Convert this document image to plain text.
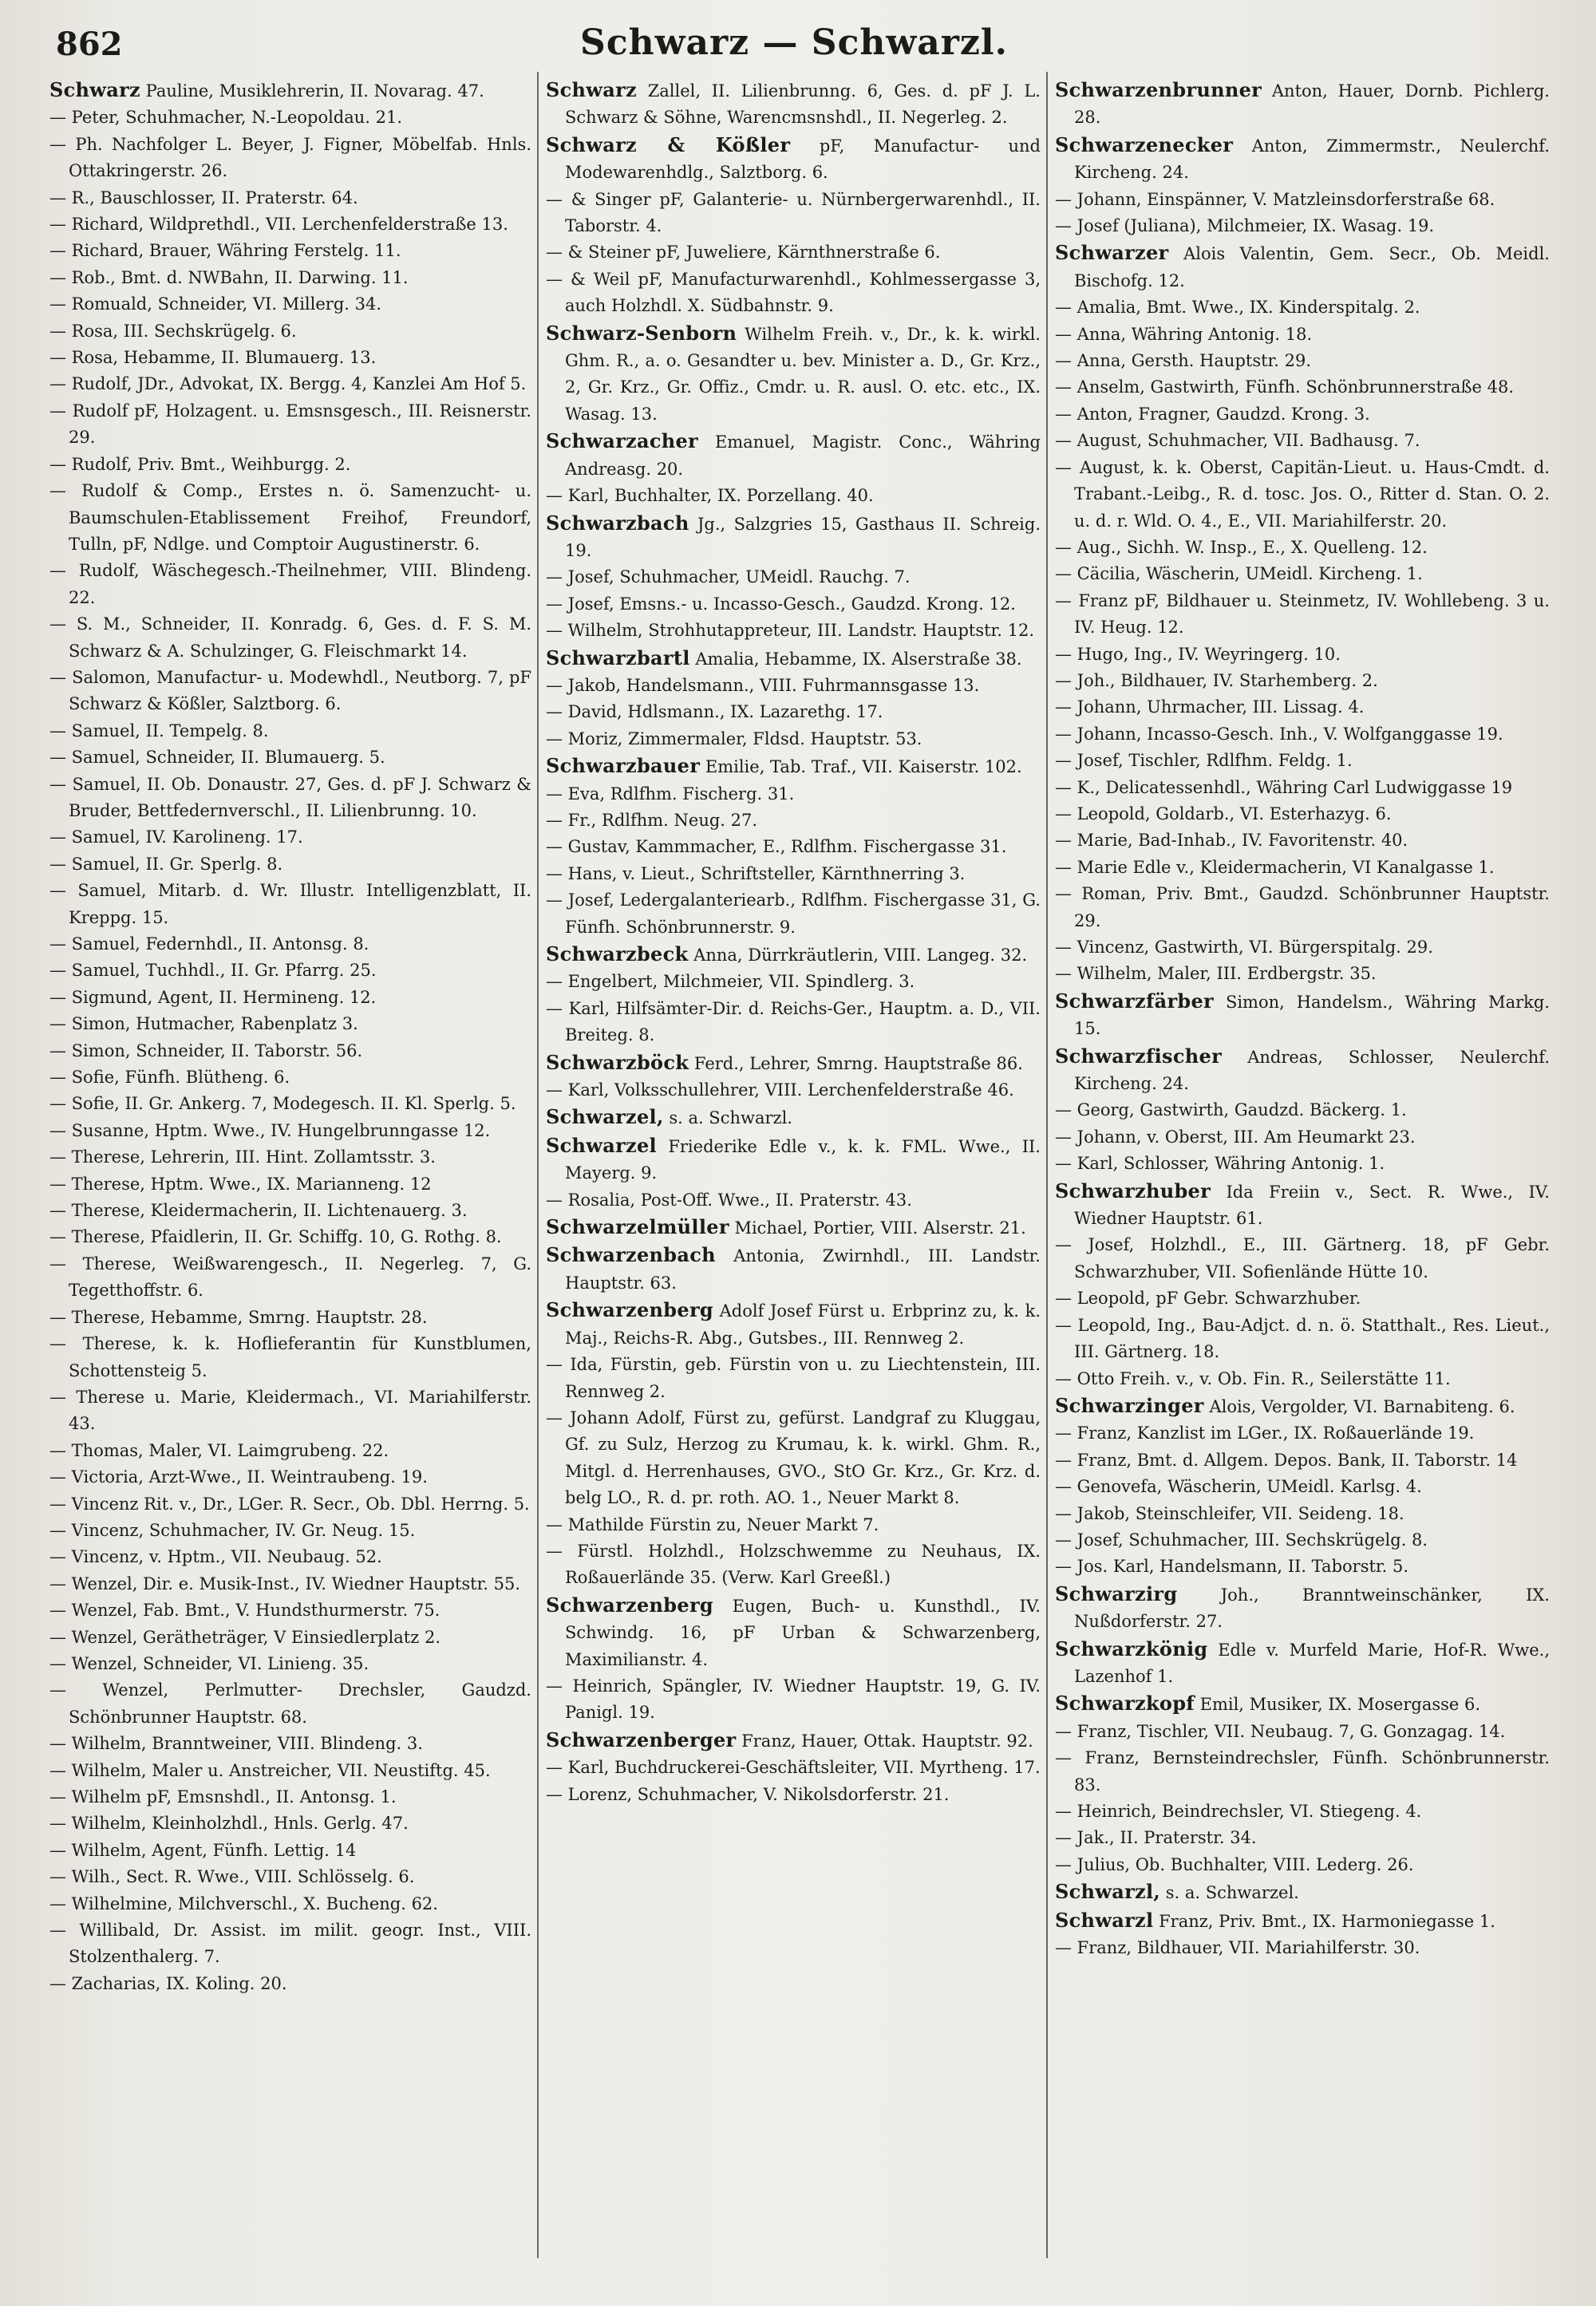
862	Schwarz — Schwarzl.

Schwarz Pauline, Musiklehrerin, II. Novarag. 47.

— Peter, Schuhmacher, N.-Leopoldau. 21.

— Ph. Nachfolger L. Beyer, J. Figner, Möbelfab. Hnls. Ottakringerstr. 26.

— R., Bauschlosser, II. Praterstr. 64.

— Richard, Wildprethdl., VII. Lerchenfelderstraße 13.

— Richard, Brauer, Währing Ferstelg. 11.

— Rob., Bmt. d. NWBahn, II. Darwing. 11.

— Romuald, Schneider, VI. Millerg. 34.

— Rosa, III. Sechskrügelg. 6.

— Rosa, Hebamme, II. Blumauerg. 13.

— Rudolf, JDr., Advokat, IX. Bergg. 4, Kanzlei Am Hof 5.

— Rudolf pF, Holzagent. u. Emsnsgesch., III. Reisnerstr. 29.

— Rudolf, Priv. Bmt., Weihburgg. 2.

— Rudolf & Comp., Erstes n. ö. Samenzucht- u. Baumschulen-Etablissement Freihof, Freundorf, Tulln, pF, Ndlge. und Comptoir Augustinerstr. 6.

— Rudolf, Wäschegesch.-Theilnehmer, VIII. Blindeng. 22.

— S. M., Schneider, II. Konradg. 6, Ges. d. F. S. M. Schwarz & A. Schulzinger, G. Fleischmarkt 14.

— Salomon, Manufactur- u. Modewhdl., Neutborg. 7, pF Schwarz & Kößler, Salztborg. 6.

— Samuel, II. Tempelg. 8.

— Samuel, Schneider, II. Blumauerg. 5.

— Samuel, II. Ob. Donaustr. 27, Ges. d. pF J. Schwarz & Bruder, Bettfedernverschl., II. Lilienbrunng. 10.

— Samuel, IV. Karolineng. 17.

— Samuel, II. Gr. Sperlg. 8.

— Samuel, Mitarb. d. Wr. Illustr. Intelligenzblatt, II. Kreppg. 15.

— Samuel, Federnhdl., II. Antonsg. 8.

— Samuel, Tuchhdl., II. Gr. Pfarrg. 25.

— Sigmund, Agent, II. Hermineng. 12.

— Simon, Hutmacher, Rabenplatz 3.

— Simon, Schneider, II. Taborstr. 56.

— Sofie, Fünfh. Blütheng. 6.

— Sofie, II. Gr. Ankerg. 7, Modegesch. II. Kl. Sperlg. 5.

— Susanne, Hptm. Wwe., IV. Hungelbrunngasse 12.

— Therese, Lehrerin, III. Hint. Zollamtsstr. 3.

— Therese, Hptm. Wwe., IX. Marianneng. 12

— Therese, Kleidermacherin, II. Lichtenauerg. 3.

— Therese, Pfaidlerin, II. Gr. Schiffg. 10, G. Rothg. 8.

— Therese, Weißwarengesch., II. Negerleg. 7, G. Tegetthoffstr. 6.

— Therese, Hebamme, Smrng. Hauptstr. 28.

— Therese, k. k. Hoflieferantin für Kunstblumen, Schottensteig 5.

— Therese u. Marie, Kleidermach., VI. Mariahilferstr. 43.

— Thomas, Maler, VI. Laimgrubeng. 22.

— Victoria, Arzt-Wwe., II. Weintraubeng. 19.

— Vincenz Rit. v., Dr., LGer. R. Secr., Ob. Dbl. Herrng. 5.

— Vincenz, Schuhmacher, IV. Gr. Neug. 15.

— Vincenz, v. Hptm., VII. Neubaug. 52.

— Wenzel, Dir. e. Musik-Inst., IV. Wiedner Hauptstr. 55.

— Wenzel, Fab. Bmt., V. Hundsthurmerstr. 75.

— Wenzel, Gerätheträger, V Einsiedlerplatz 2.

— Wenzel, Schneider, VI. Linieng. 35.

— Wenzel, Perlmutter- Drechsler, Gaudzd. Schönbrunner Hauptstr. 68.

— Wilhelm, Branntweiner, VIII. Blindeng. 3.

— Wilhelm, Maler u. Anstreicher, VII. Neustiftg. 45.

— Wilhelm pF, Emsnshdl., II. Antonsg. 1.

— Wilhelm, Kleinholzhdl., Hnls. Gerlg. 47.

— Wilhelm, Agent, Fünfh. Lettig. 14

— Wilh., Sect. R. Wwe., VIII. Schlösselg. 6.

— Wilhelmine, Milchverschl., X. Bucheng. 62.

— Willibald, Dr. Assist. im milit. geogr. Inst., VIII. Stolzenthalerg. 7.

— Zacharias, IX. Koling. 20.

Schwarz Zallel, II. Lilienbrunng. 6, Ges. d. pF J. L. Schwarz & Söhne, Warencmsnshdl., II. Negerleg. 2.

Schwarz & Kößler pF, Manufactur- und Modewarenhdlg., Salztborg. 6.

— & Singer pF, Galanterie- u. Nürnbergerwarenhdl., II. Taborstr. 4.

— & Steiner pF, Juweliere, Kärnthnerstraße 6.

— & Weil pF, Manufacturwarenhdl., Kohlmessergasse 3, auch Holzhdl. X. Südbahnstr. 9.

Schwarz-Senborn Wilhelm Freih. v., Dr., k. k. wirkl. Ghm. R., a. o. Gesandter u. bev. Minister a. D., Gr. Krz., 2, Gr. Krz., Gr. Offiz., Cmdr. u. R. ausl. O. etc. etc., IX. Wasag. 13.

Schwarzacher Emanuel, Magistr. Conc., Währing Andreasg. 20.

— Karl, Buchhalter, IX. Porzellang. 40.

Schwarzbach Jg., Salzgries 15, Gasthaus II. Schreig. 19.

— Josef, Schuhmacher, UMeidl. Rauchg. 7.

— Josef, Emsns.- u. Incasso-Gesch., Gaudzd. Krong. 12.

— Wilhelm, Strohhutappreteur, III. Landstr. Hauptstr. 12.

Schwarzbartl Amalia, Hebamme, IX. Alserstraße 38.

— Jakob, Handelsmann., VIII. Fuhrmannsgasse 13.

— David, Hdlsmann., IX. Lazarethg. 17.

— Moriz, Zimmermaler, Fldsd. Hauptstr. 53.

Schwarzbauer Emilie, Tab. Traf., VII. Kaiserstr. 102.

— Eva, Rdlfhm. Fischerg. 31.

— Fr., Rdlfhm. Neug. 27.

— Gustav, Kammmacher, E., Rdlfhm. Fischergasse 31.

— Hans, v. Lieut., Schriftsteller, Kärnthnerring 3.

— Josef, Ledergalanteriearb., Rdlfhm. Fischergasse 31, G. Fünfh. Schönbrunnerstr. 9.

Schwarzbeck Anna, Dürrkräutlerin, VIII. Langeg. 32.

— Engelbert, Milchmeier, VII. Spindlerg. 3.

— Karl, Hilfsämter-Dir. d. Reichs-Ger., Hauptm. a. D., VII. Breiteg. 8.

Schwarzböck Ferd., Lehrer, Smrng. Hauptstraße 86.

— Karl, Volksschullehrer, VIII. Lerchenfelderstraße 46.

Schwarzel, s. a. Schwarzl.

Schwarzel Friederike Edle v., k. k. FML. Wwe., II. Mayerg. 9.

— Rosalia, Post-Off. Wwe., II. Praterstr. 43.

Schwarzelmüller Michael, Portier, VIII. Alserstr. 21.

Schwarzenbach Antonia, Zwirnhdl., III. Landstr. Hauptstr. 63.

Schwarzenberg Adolf Josef Fürst u. Erbprinz zu, k. k. Maj., Reichs-R. Abg., Gutsbes., III. Rennweg 2.

— Ida, Fürstin, geb. Fürstin von u. zu Liechtenstein, III. Rennweg 2.

— Johann Adolf, Fürst zu, gefürst. Landgraf zu Kluggau, Gf. zu Sulz, Herzog zu Krumau, k. k. wirkl. Ghm. R., Mitgl. d. Herrenhauses, GVO., StO Gr. Krz., Gr. Krz. d. belg LO., R. d. pr. roth. AO. 1., Neuer Markt 8.

— Mathilde Fürstin zu, Neuer Markt 7.

— Fürstl. Holzhdl., Holzschwemme zu Neuhaus, IX. Roßauerlände 35. (Verw. Karl Greeßl.)

Schwarzenberg Eugen, Buch- u. Kunsthdl., IV. Schwindg. 16, pF Urban & Schwarzenberg, Maximilianstr. 4.

— Heinrich, Spängler, IV. Wiedner Hauptstr. 19, G. IV. Panigl. 19.

Schwarzenberger Franz, Hauer, Ottak. Hauptstr. 92.

— Karl, Buchdruckerei-Geschäftsleiter, VII. Myrtheng. 17.

— Lorenz, Schuhmacher, V. Nikolsdorferstr. 21.

Schwarzenbrunner Anton, Hauer, Dornb. Pichlerg. 28.

Schwarzenecker Anton, Zimmermstr., Neulerchf. Kircheng. 24.

— Johann, Einspänner, V. Matzleinsdorferstraße 68.

— Josef (Juliana), Milchmeier, IX. Wasag. 19.

Schwarzer Alois Valentin, Gem. Secr., Ob. Meidl. Bischofg. 12.

— Amalia, Bmt. Wwe., IX. Kinderspitalg. 2.

— Anna, Währing Antonig. 18.

— Anna, Gersth. Hauptstr. 29.

— Anselm, Gastwirth, Fünfh. Schönbrunnerstraße 48.

— Anton, Fragner, Gaudzd. Krong. 3.

— August, Schuhmacher, VII. Badhausg. 7.

— August, k. k. Oberst, Capitän-Lieut. u. Haus-Cmdt. d. Trabant.-Leibg., R. d. tosc. Jos. O., Ritter d. Stan. O. 2. u. d. r. Wld. O. 4., E., VII. Mariahilferstr. 20.

— Aug., Sichh. W. Insp., E., X. Quelleng. 12.

— Cäcilia, Wäscherin, UMeidl. Kircheng. 1.

— Franz pF, Bildhauer u. Steinmetz, IV. Wohllebeng. 3 u. IV. Heug. 12.

— Hugo, Ing., IV. Weyringerg. 10.

— Joh., Bildhauer, IV. Starhemberg. 2.

— Johann, Uhrmacher, III. Lissag. 4.

— Johann, Incasso-Gesch. Inh., V. Wolfganggasse 19.

— Josef, Tischler, Rdlfhm. Feldg. 1.

— K., Delicatessenhdl., Währing Carl Ludwiggasse 19

— Leopold, Goldarb., VI. Esterhazyg. 6.

— Marie, Bad-Inhab., IV. Favoritenstr. 40.

— Marie Edle v., Kleidermacherin, VI Kanalgasse 1.

— Roman, Priv. Bmt., Gaudzd. Schönbrunner Hauptstr. 29.

— Vincenz, Gastwirth, VI. Bürgerspitalg. 29.

— Wilhelm, Maler, III. Erdbergstr. 35.

Schwarzfärber Simon, Handelsm., Währing Markg. 15.

Schwarzfischer Andreas, Schlosser, Neulerchf. Kircheng. 24.

— Georg, Gastwirth, Gaudzd. Bäckerg. 1.

— Johann, v. Oberst, III. Am Heumarkt 23.

— Karl, Schlosser, Währing Antonig. 1.

Schwarzhuber Ida Freiin v., Sect. R. Wwe., IV. Wiedner Hauptstr. 61.

— Josef, Holzhdl., E., III. Gärtnerg. 18, pF Gebr. Schwarzhuber, VII. Sofienlände Hütte 10.

— Leopold, pF Gebr. Schwarzhuber.

— Leopold, Ing., Bau-Adjct. d. n. ö. Statthalt., Res. Lieut., III. Gärtnerg. 18.

— Otto Freih. v., v. Ob. Fin. R., Seilerstätte 11.

Schwarzinger Alois, Vergolder, VI. Barnabiteng. 6.

— Franz, Kanzlist im LGer., IX. Roßauerlände 19.

— Franz, Bmt. d. Allgem. Depos. Bank, II. Taborstr. 14

— Genovefa, Wäscherin, UMeidl. Karlsg. 4.

— Jakob, Steinschleifer, VII. Seideng. 18.

— Josef, Schuhmacher, III. Sechskrügelg. 8.

— Jos. Karl, Handelsmann, II. Taborstr. 5.

Schwarzirg	Joh., Branntweinschänker, IX. Nußdorferstr. 27.

Schwarzkönig Edle v. Murfeld Marie, Hof-R. Wwe., Lazenhof 1.

Schwarzkopf Emil, Musiker, IX. Mosergasse 6.

— Franz, Tischler, VII. Neubaug. 7, G. Gonzagag. 14.

— Franz, Bernsteindrechsler, Fünfh. Schönbrunnerstr. 83.

— Heinrich, Beindrechsler, VI. Stiegeng. 4.

— Jak., II. Praterstr. 34.

— Julius, Ob. Buchhalter, VIII. Lederg. 26.

Schwarzl, s. a. Schwarzel.

Schwarzl Franz, Priv. Bmt., IX. Harmoniegasse 1.

— Franz, Bildhauer, VII. Mariahilferstr. 30.
